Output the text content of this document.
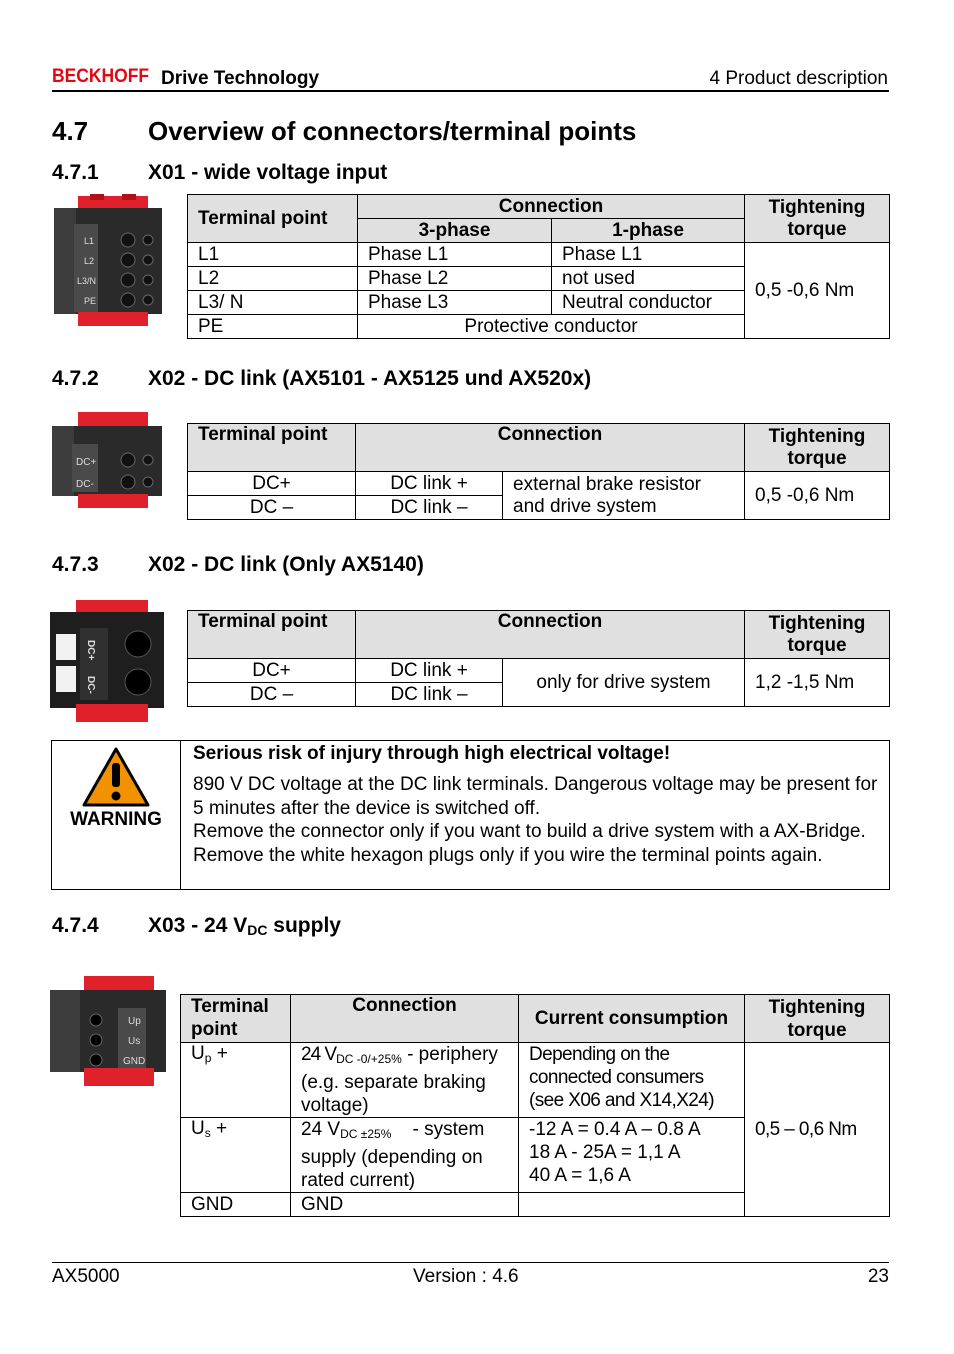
BECKHOFF Drive Technology	4 Product description
4.7 Overview of connectors/terminal points
4.7.1 X01 - wide voltage input
L1
L2
L3/N
PE
Terminal point	Connection		Tightening torque
	3-phase	1-phase	
L1	Phase L1	Phase L1	0,5 -0,6 Nm
L2	Phase L2	not used	
L3/ N	Phase L3	Neutral conductor	
PE	Protective conductor		
4.7.2 X02 - DC link (AX5101 - AX5125 und AX520x)
DC+
DC-
Terminal point	Connection		Tightening torque
DC+	DC link +	external brake resistor and drive system	0,5 -0,6 Nm
DC –	DC link –		
4.7.3 X02 - DC link (Only AX5140)
DC+
DC-
Terminal point	Connection		Tightening torque
DC+	DC link +	only for drive system	1,2 -1,5 Nm
DC –	DC link –		
WARNING
Serious risk of injury through high electrical voltage!
890 V DC voltage at the DC link terminals. Dangerous voltage may be present for 5 minutes after the device is switched off.
Remove the connector only if you want to build a drive system with a AX-Bridge.
Remove the white hexagon plugs only if you wire the terminal points again.
4.7.4 X03 - 24 $V_{DC}$ supply
Up
Us
GND
Terminal point	Connection	Current consumption	Tightening torque
$U_p$ +	24 $V_{DC -0/+25\%}$ - periphery (e.g. separate braking voltage)	Depending on the connected consumers (see X06 and X14,X24)	0,5 – 0,6 Nm
$U_s$ +	24 $V_{DC \pm 25\%}$    - system supply (depending on rated current)	-12 A = 0.4 A – 0.8 A
18 A - 25A = 1,1 A
40 A = 1,6 A	

GND	GND		
AX5000	Version : 4.6	23
